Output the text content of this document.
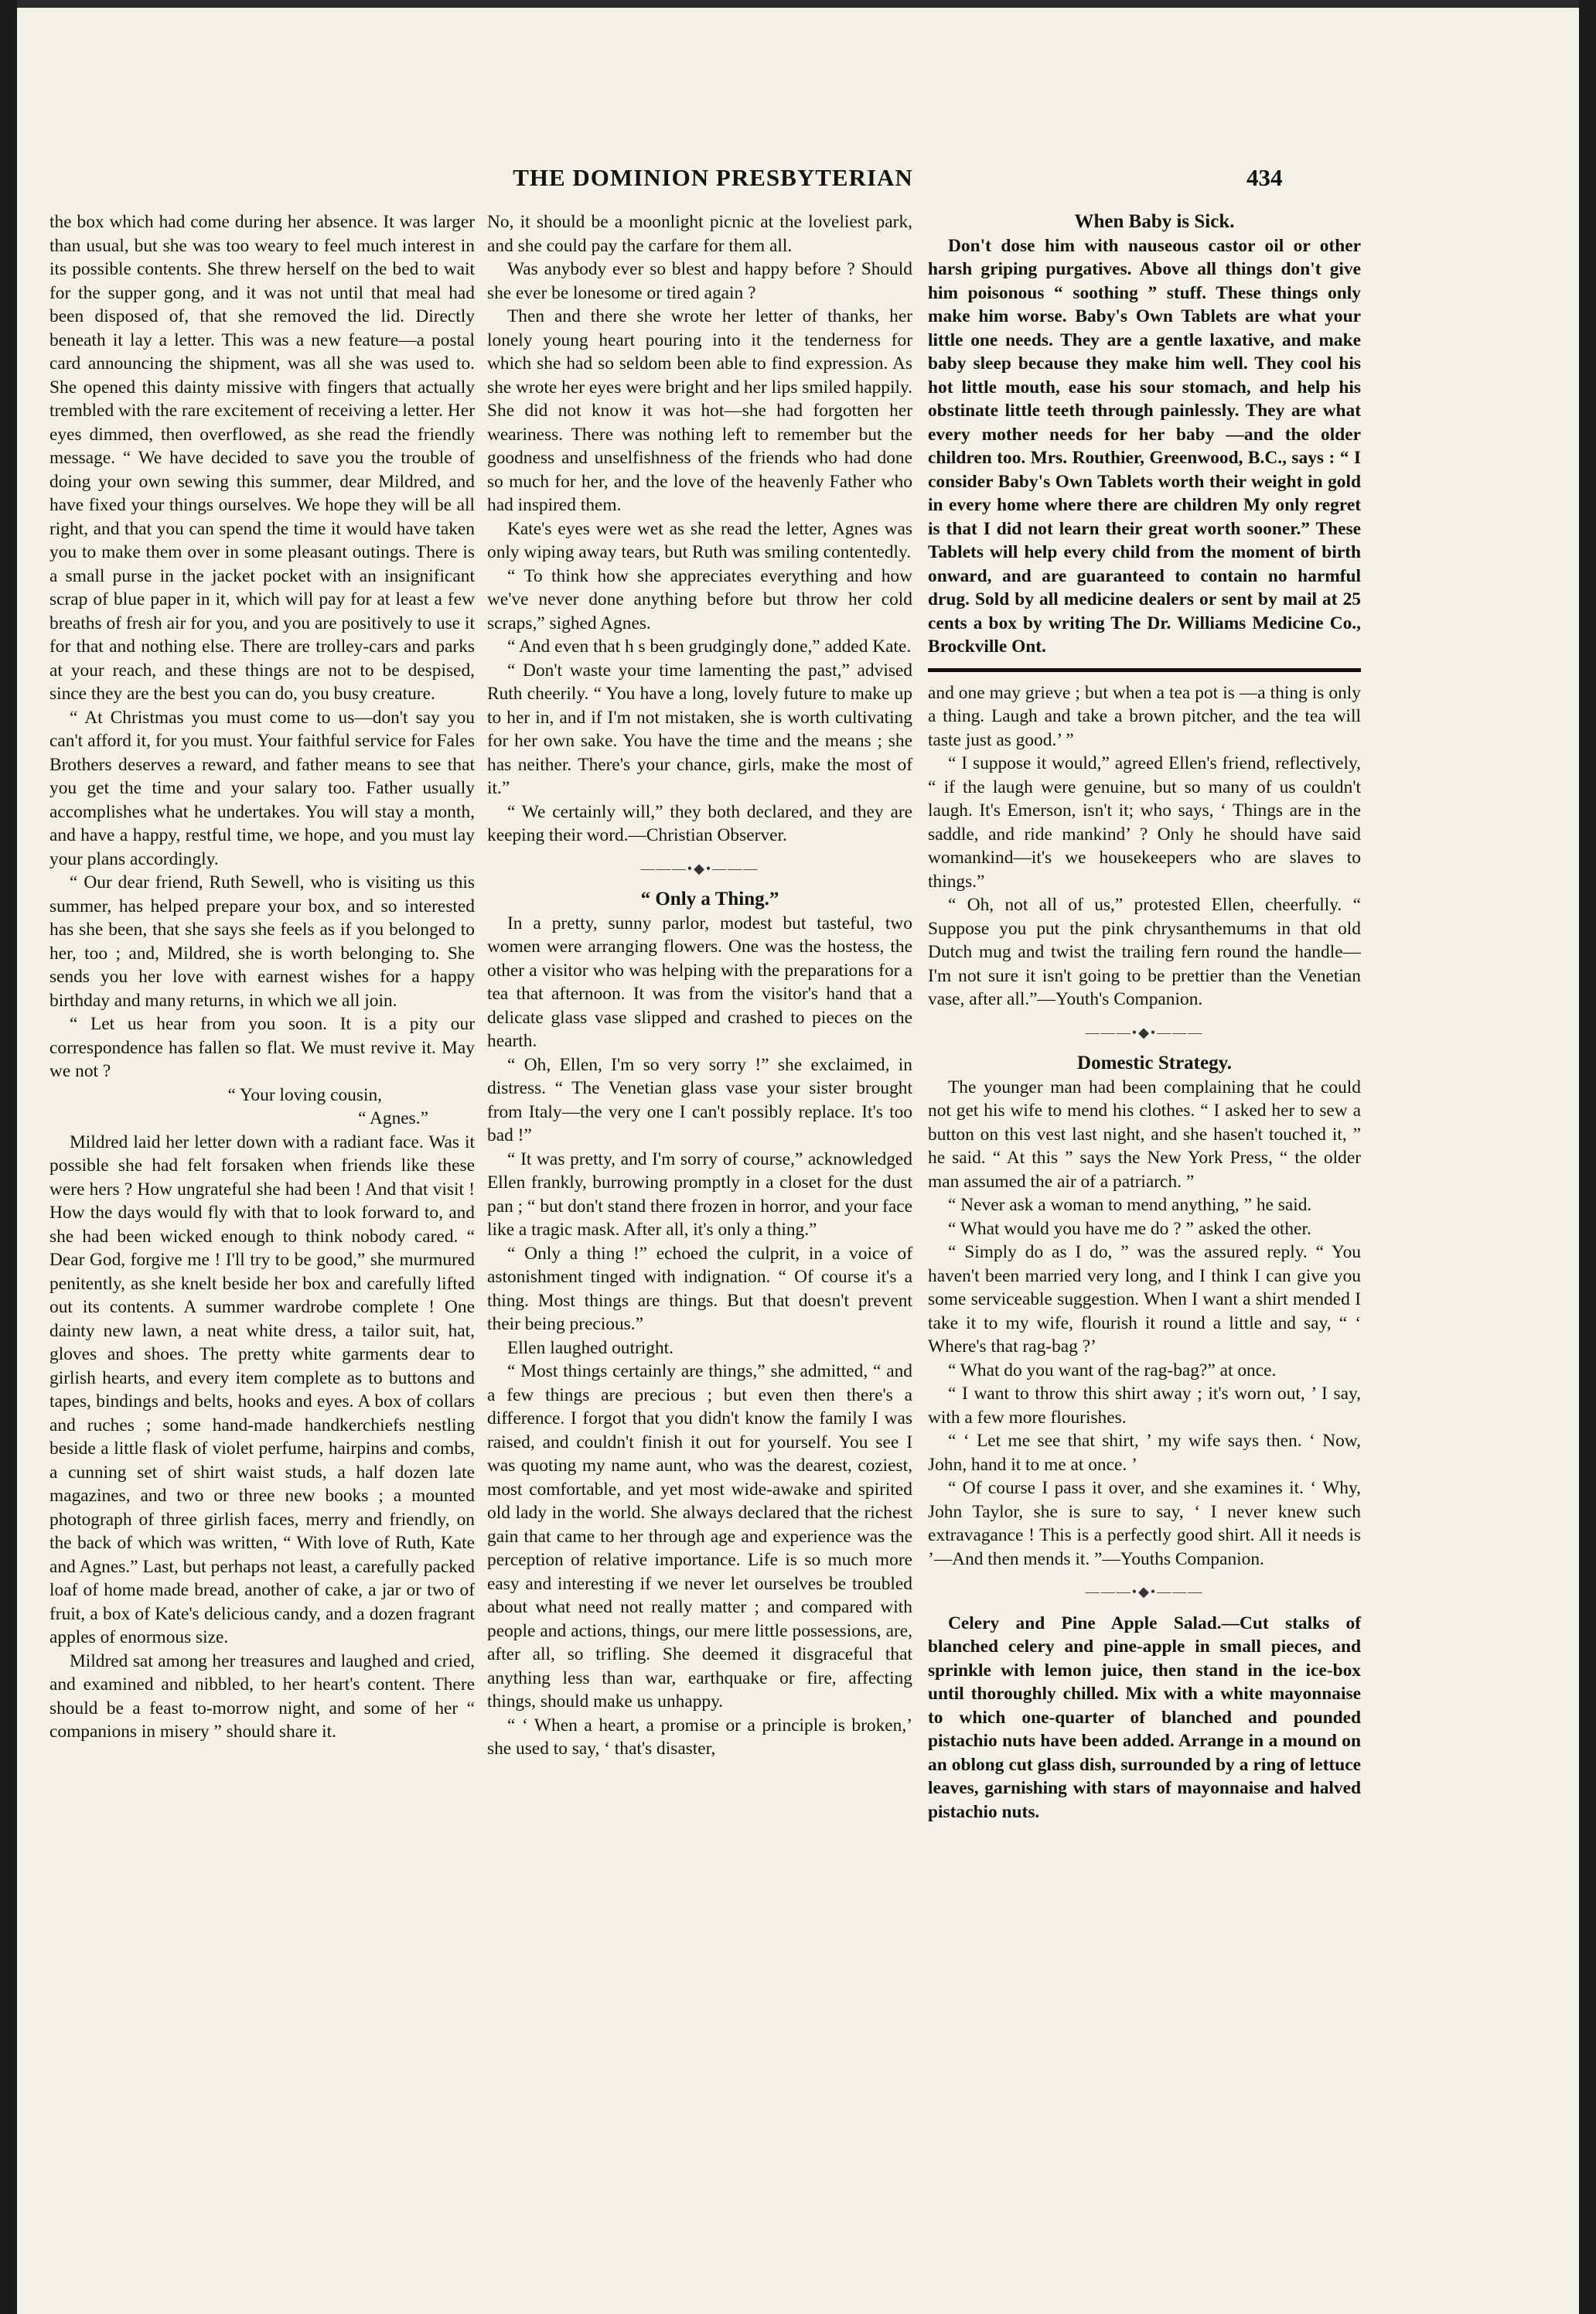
THE DOMINION PRESBYTERIAN	434

the box which had come during her absence. It was larger than usual, but she was too weary to feel much interest in its possible contents. She threw herself on the bed to wait for the supper gong, and it was not until that meal had been disposed of, that she removed the lid. Directly beneath it lay a letter. This was a new feature—a postal card announcing the shipment, was all she was used to. She opened this dainty missive with fingers that actually trembled with the rare excitement of receiving a letter. Her eyes dimmed, then overflowed, as she read the friendly message. “ We have decided to save you the trouble of doing your own sewing this summer, dear Mildred, and have fixed your things ourselves. We hope they will be all right, and that you can spend the time it would have taken you to make them over in some pleasant outings. There is a small purse in the jacket pocket with an insignificant scrap of blue paper in it, which will pay for at least a few breaths of fresh air for you, and you are positively to use it for that and nothing else. There are trolley-cars and parks at your reach, and these things are not to be despised, since they are the best you can do, you busy creature.

“ At Christmas you must come to us—don't say you can't afford it, for you must. Your faithful service for Fales Brothers deserves a reward, and father means to see that you get the time and your salary too. Father usually accomplishes what he undertakes. You will stay a month, and have a happy, restful time, we hope, and you must lay your plans accordingly.

“ Our dear friend, Ruth Sewell, who is visiting us this summer, has helped prepare your box, and so interested has she been, that she says she feels as if you belonged to her, too ; and, Mildred, she is worth belonging to. She sends you her love with earnest wishes for a happy birthday and many returns, in which we all join.

“ Let us hear from you soon. It is a pity our correspondence has fallen so flat. We must revive it. May we not ?

“ Your loving cousin,

“ Agnes.”

Mildred laid her letter down with a radiant face. Was it possible she had felt forsaken when friends like these were hers ? How ungrateful she had been ! And that visit ! How the days would fly with that to look forward to, and she had been wicked enough to think nobody cared. “ Dear God, forgive me ! I'll try to be good,” she murmured penitently, as she knelt beside her box and carefully lifted out its contents. A summer wardrobe complete ! One dainty new lawn, a neat white dress, a tailor suit, hat, gloves and shoes. The pretty white garments dear to girlish hearts, and every item complete as to buttons and tapes, bindings and belts, hooks and eyes. A box of collars and ruches ; some hand-made handkerchiefs nestling beside a little flask of violet perfume, hairpins and combs, a cunning set of shirt waist studs, a half dozen late magazines, and two or three new books ; a mounted photograph of three girlish faces, merry and friendly, on the back of which was written, “ With love of Ruth, Kate and Agnes.” Last, but perhaps not least, a carefully packed loaf of home made bread, another of cake, a jar or two of fruit, a box of Kate's delicious candy, and a dozen fragrant apples of enormous size.

Mildred sat among her treasures and laughed and cried, and examined and nibbled, to her heart's content. There should be a feast to-morrow night, and some of her “ companions in misery ” should share it.

No, it should be a moonlight picnic at the loveliest park, and she could pay the carfare for them all.

Was anybody ever so blest and happy before ? Should she ever be lonesome or tired again ?

Then and there she wrote her letter of thanks, her lonely young heart pouring into it the tenderness for which she had so seldom been able to find expression. As she wrote her eyes were bright and her lips smiled happily. She did not know it was hot—she had forgotten her weariness. There was nothing left to remember but the goodness and unselfishness of the friends who had done so much for her, and the love of the heavenly Father who had inspired them.

Kate's eyes were wet as she read the letter, Agnes was only wiping away tears, but Ruth was smiling contentedly.

“ To think how she appreciates everything and how we've never done anything before but throw her cold scraps,” sighed Agnes.

“ And even that h s been grudgingly done,” added Kate.

“ Don't waste your time lamenting the past,” advised Ruth cheerily. “ You have a long, lovely future to make up to her in, and if I'm not mistaken, she is worth cultivating for her own sake. You have the time and the means ; she has neither. There's your chance, girls, make the most of it.”

“ We certainly will,” they both declared, and they are keeping their word.—Christian Observer.

———•◆•———

“ Only a Thing.”

In a pretty, sunny parlor, modest but tasteful, two women were arranging flowers. One was the hostess, the other a visitor who was helping with the preparations for a tea that afternoon. It was from the visitor's hand that a delicate glass vase slipped and crashed to pieces on the hearth.

“ Oh, Ellen, I'm so very sorry !” she exclaimed, in distress. “ The Venetian glass vase your sister brought from Italy—the very one I can't possibly replace. It's too bad !”

“ It was pretty, and I'm sorry of course,” acknowledged Ellen frankly, burrowing promptly in a closet for the dust pan ; “ but don't stand there frozen in horror, and your face like a tragic mask. After all, it's only a thing.”

“ Only a thing !” echoed the culprit, in a voice of astonishment tinged with indignation. “ Of course it's a thing. Most things are things. But that doesn't prevent their being precious.”

Ellen laughed outright.

“ Most things certainly are things,” she admitted, “ and a few things are precious ; but even then there's a difference. I forgot that you didn't know the family I was raised, and couldn't finish it out for yourself. You see I was quoting my name aunt, who was the dearest, coziest, most comfortable, and yet most wide-awake and spirited old lady in the world. She always declared that the richest gain that came to her through age and experience was the perception of relative importance. Life is so much more easy and interesting if we never let ourselves be troubled about what need not really matter ; and compared with people and actions, things, our mere little possessions, are, after all, so trifling. She deemed it disgraceful that anything less than war, earthquake or fire, affecting things, should make us unhappy.

“ ‘ When a heart, a promise or a principle is broken,’ she used to say, ‘ that's disaster,

When Baby is Sick.

Don't dose him with nauseous castor oil or other harsh griping purgatives. Above all things don't give him poisonous “ soothing ” stuff. These things only make him worse. Baby's Own Tablets are what your little one needs. They are a gentle laxative, and make baby sleep because they make him well. They cool his hot little mouth, ease his sour stomach, and help his obstinate little teeth through painlessly. They are what every mother needs for her baby —and the older children too. Mrs. Routhier, Greenwood, B.C., says : “ I consider Baby's Own Tablets worth their weight in gold in every home where there are children My only regret is that I did not learn their great worth sooner.” These Tablets will help every child from the moment of birth onward, and are guaranteed to contain no harmful drug. Sold by all medicine dealers or sent by mail at 25 cents a box by writing The Dr. Williams Medicine Co., Brockville Ont.

and one may grieve ; but when a tea pot is —a thing is only a thing. Laugh and take a brown pitcher, and the tea will taste just as good.’ ”

“ I suppose it would,” agreed Ellen's friend, reflectively, “ if the laugh were genuine, but so many of us couldn't laugh. It's Emerson, isn't it; who says, ‘ Things are in the saddle, and ride mankind’ ? Only he should have said womankind—it's we housekeepers who are slaves to things.”

“ Oh, not all of us,” protested Ellen, cheerfully. “ Suppose you put the pink chrysanthemums in that old Dutch mug and twist the trailing fern round the handle—I'm not sure it isn't going to be prettier than the Venetian vase, after all.”—Youth's Companion.

———•◆•———

Domestic Strategy.

The younger man had been complaining that he could not get his wife to mend his clothes. “ I asked her to sew a button on this vest last night, and she hasen't touched it, ” he said. “ At this ” says the New York Press, “ the older man assumed the air of a patriarch. ”

“ Never ask a woman to mend anything, ” he said.

“ What would you have me do ? ” asked the other.

“ Simply do as I do, ” was the assured reply. “ You haven't been married very long, and I think I can give you some serviceable suggestion. When I want a shirt mended I take it to my wife, flourish it round a little and say, “ ‘ Where's that rag-bag ?’

“ What do you want of the rag-bag?” at once.

“ I want to throw this shirt away ; it's worn out, ’ I say, with a few more flourishes.

“ ‘ Let me see that shirt, ’ my wife says then. ‘ Now, John, hand it to me at once. ’

“ Of course I pass it over, and she examines it. ‘ Why, John Taylor, she is sure to say, ‘ I never knew such extravagance ! This is a perfectly good shirt. All it needs is ’—And then mends it. ”—Youths Companion.

———•◆•———

Celery and Pine Apple Salad.—Cut stalks of blanched celery and pine-apple in small pieces, and sprinkle with lemon juice, then stand in the ice-box until thoroughly chilled. Mix with a white mayonnaise to which one-quarter of blanched and pounded pistachio nuts have been added. Arrange in a mound on an oblong cut glass dish, surrounded by a ring of lettuce leaves, garnishing with stars of mayonnaise and halved pistachio nuts.
